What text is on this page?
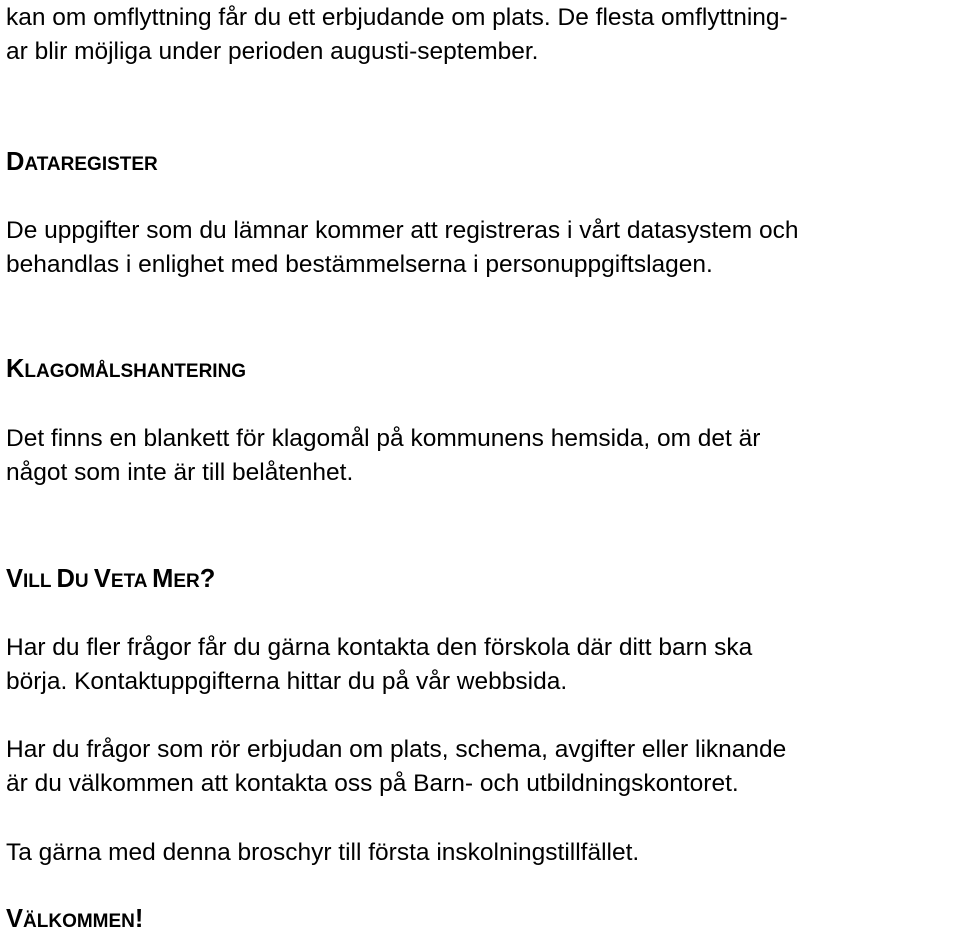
kan om omflyttning får du ett erbjudande om plats. De flesta omflyttning-
ar blir möjliga under perioden augusti-september.
DATAREGISTER
De uppgifter som du lämnar kommer att registreras i vårt datasystem och
behandlas i enlighet med bestämmelserna i personuppgiftslagen.
KLAGOMÅLSHANTERING
Det finns en blankett för klagomål på kommunens hemsida, om det är
något som inte är till belåtenhet.
VILL DU VETA MER?
Har du fler frågor får du gärna kontakta den förskola där ditt barn ska
börja. Kontaktuppgifterna hittar du på vår webbsida.
Har du frågor som rör erbjudan om plats, schema, avgifter eller liknande
är du välkommen att kontakta oss på Barn- och utbildningskontoret.
Ta gärna med denna broschyr till första inskolningstillfället.
VÄLKOMMEN!
